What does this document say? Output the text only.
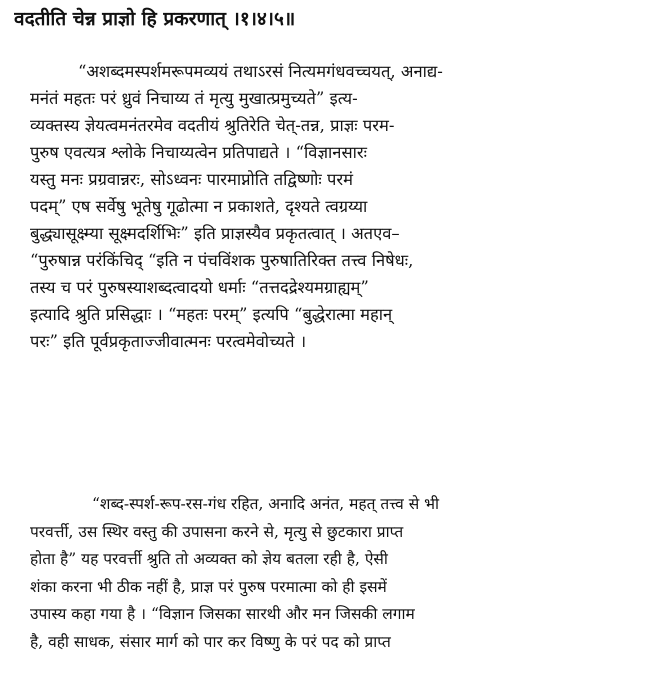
वदतीति चेन्न प्राज्ञो हि प्रकरणात् ।१।४।५॥
“अशब्दमस्पर्शमरूपमव्ययं तथाऽरसं नित्यमगंधवच्चयत्, अनाद्य-
मनंतं महतः परं ध्रुवं निचाय्य तं मृत्यु मुखात्प्रमुच्यते” इत्य-
व्यक्तस्य ज्ञेयत्वमनंतरमेव वदतीयं श्रुतिरेति चेत्-तन्न, प्राज्ञः परम-
पुरुष एवत्यत्र श्लोके निचाय्यत्वेन प्रतिपाद्यते । “विज्ञानसारः
यस्तु मनः प्रग्रवान्नरः, सोऽध्वनः पारमाप्नोति तद्विष्णोः परमं
पदम्” एष सर्वेषु भूतेषु गूढोत्मा न प्रकाशते, दृश्यते त्वग्रय्या
बुद्ध्यासूक्ष्म्या सूक्ष्मदर्शिभिः” इति प्राज्ञस्यैव प्रकृतत्वात् । अतएव–
“पुरुषान्न परंकिंचिद् “इति न पंचविंशक पुरुषातिरिक्त तत्त्व निषेधः,
तस्य च परं पुरुषस्याशब्दत्वादयो धर्माः “तत्तदद्रेश्यमग्राह्यम्”
इत्यादि श्रुति प्रसिद्धाः । “महतः परम्” इत्यपि “बुद्धेरात्मा महान्
परः” इति पूर्वप्रकृताज्जीवात्मनः परत्वमेवोच्यते ।
“शब्द-स्पर्श-रूप-रस-गंध रहित, अनादि अनंत, महत् तत्त्व से भी
परवर्त्ती, उस स्थिर वस्तु की उपासना करने से, मृत्यु से छुटकारा प्राप्त
होता है” यह परवर्त्ती श्रुति तो अव्यक्त को ज्ञेय बतला रही है, ऐसी
शंका करना भी ठीक नहीं है, प्राज्ञ परं पुरुष परमात्मा को ही इसमें
उपास्य कहा गया है । “विज्ञान जिसका सारथी और मन जिसकी लगाम
है, वही साधक, संसार मार्ग को पार कर विष्णु के परं पद को प्राप्त
